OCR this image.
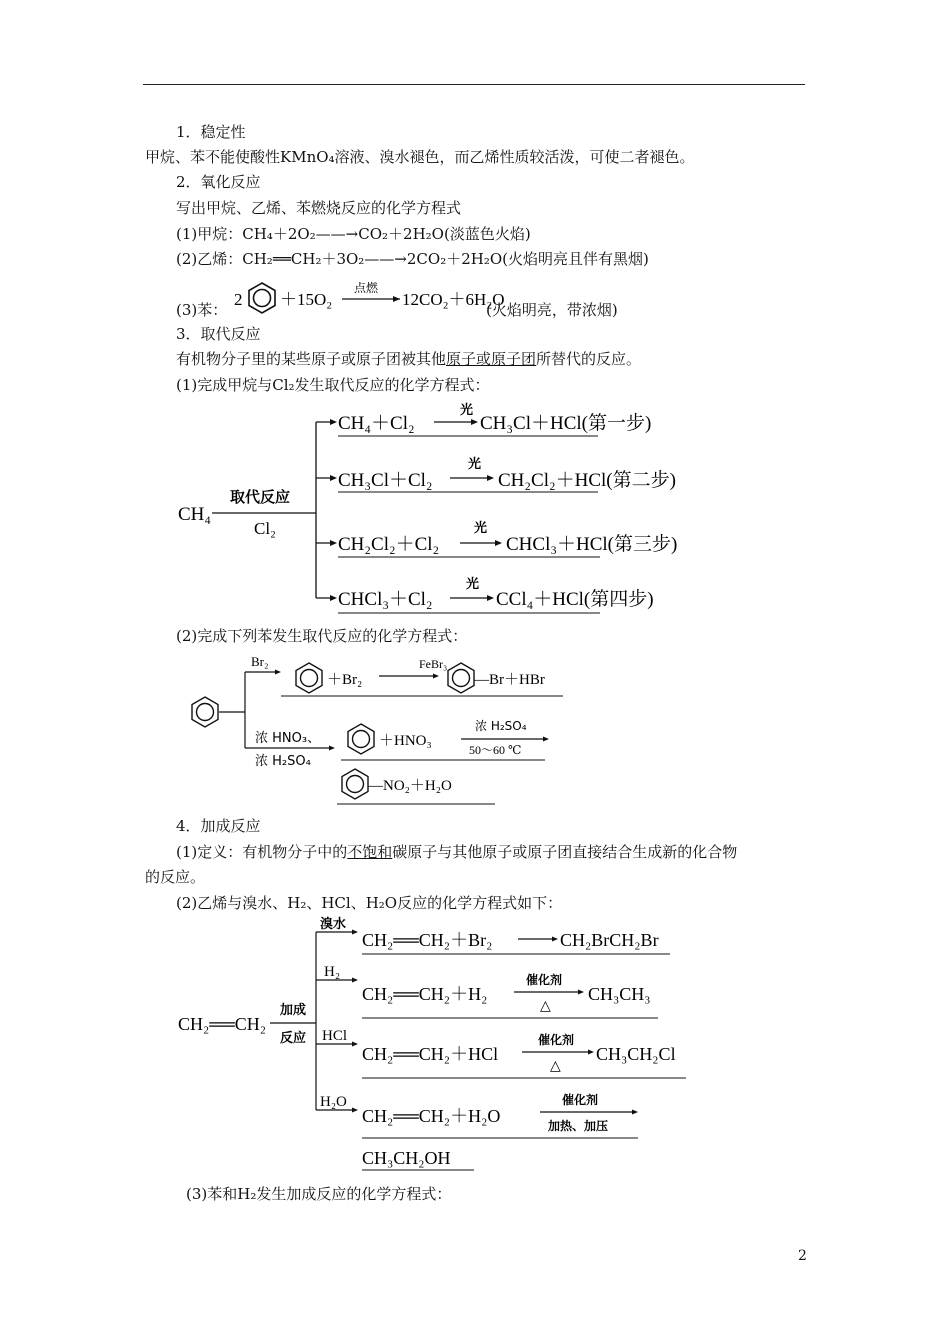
1．稳定性
甲烷、苯不能使酸性KMnO₄溶液、溴水褪色，而乙烯性质较活泼，可使二者褪色。
2．氧化反应
写出甲烷、乙烯、苯燃烧反应的化学方程式
(1)甲烷：CH₄＋2O₂——→CO₂＋2H₂O(淡蓝色火焰)
(2)乙烯：CH₂══CH₂＋3O₂——→2CO₂＋2H₂O(火焰明亮且伴有黑烟)
(3)苯：
2 ＋15O₂
点燃
12CO₂＋6H₂O
(火焰明亮，带浓烟)
3．取代反应
有机物分子里的某些原子或原子团被其他原子或原子团所替代的反应。
(1)完成甲烷与Cl₂发生取代反应的化学方程式：
CH₄
取代反应
Cl₂
CH₄＋Cl₂
光
CH₃Cl＋HCl(第一步)
CH₃Cl＋Cl₂
光
CH₂Cl₂＋HCl(第二步)
CH₂Cl₂＋Cl₂
光
CHCl₃＋HCl(第三步)
CHCl₃＋Cl₂
光
CCl₄＋HCl(第四步)
(2)完成下列苯发生取代反应的化学方程式：
Br₂
＋Br₂
FeBr₃
—Br＋HBr
浓 HNO₃、
浓 H₂SO₄
＋HNO₃
浓 H₂SO₄
50～60 ℃
—NO₂＋H₂O
4．加成反应
(1)定义：有机物分子中的不饱和碳原子与其他原子或原子团直接结合生成新的化合物
的反应。
(2)乙烯与溴水、H₂、HCl、H₂O反应的化学方程式如下：
CH₂══CH₂
加成
反应
溴水
CH₂══CH₂＋Br₂	CH₂BrCH₂Br
H₂
CH₂══CH₂＋H₂
催化剂
△
CH₃CH₃
HCl
CH₂══CH₂＋HCl
催化剂
△
CH₃CH₂Cl
H₂O
CH₂══CH₂＋H₂O
催化剂
加热、加压
CH₃CH₂OH
(3)苯和H₂发生加成反应的化学方程式：
2
